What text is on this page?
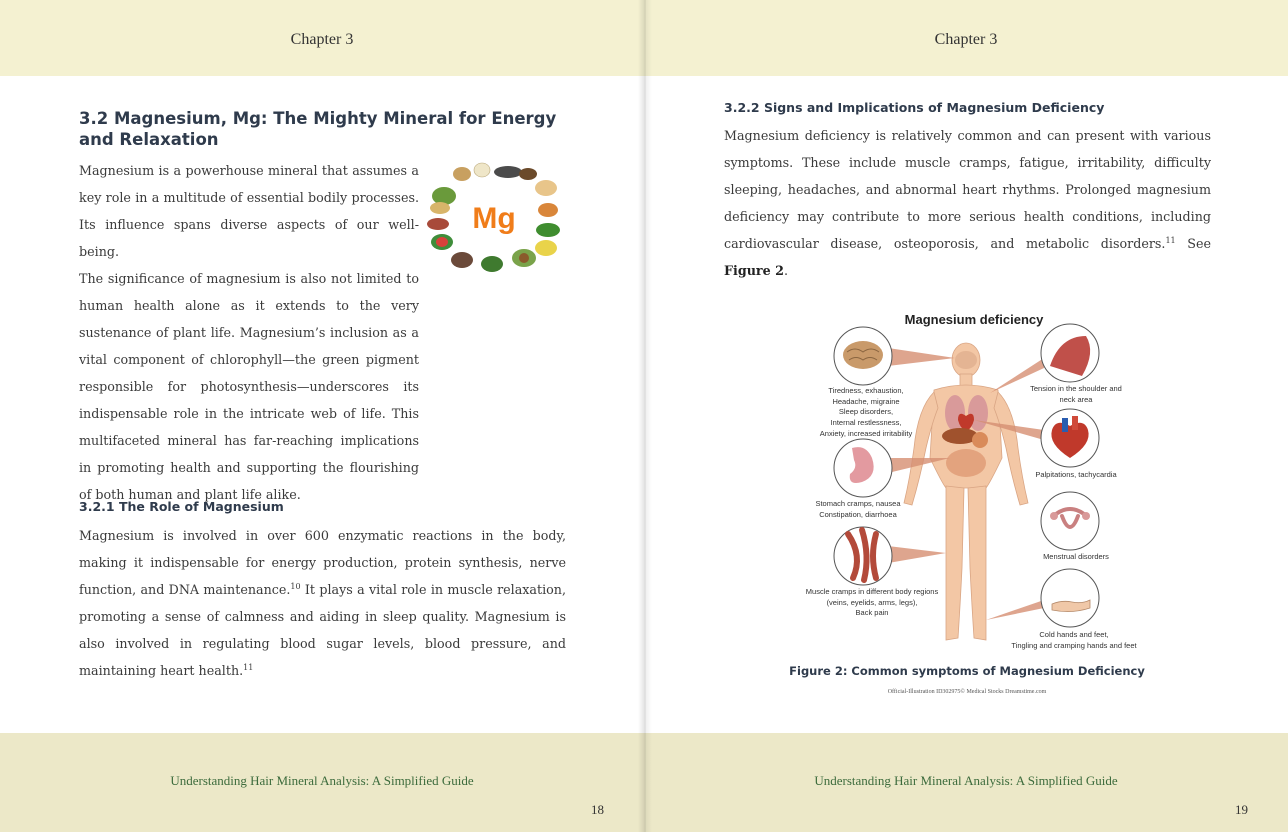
Chapter 3
3.2 Magnesium, Mg: The Mighty Mineral for Energy and Relaxation
Magnesium is a powerhouse mineral that assumes a
key role in a multitude of essential bodily processes.
Its influence spans diverse aspects of our well-being.
The significance of magnesium is also not limited to
human health alone as it extends to the very
sustenance of plant life. Magnesium’s inclusion as a
vital component of chlorophyll—the green pigment
responsible for photosynthesis—underscores its
indispensable role in the intricate web of life. This
multifaceted mineral has far-reaching implications
in promoting health and supporting the flourishing
of both human and plant life alike.
Mg
3.2.1 The Role of Magnesium
Magnesium is involved in over 600 enzymatic reactions in the body,
making it indispensable for energy production, protein synthesis, nerve
function, and DNA maintenance.$^{10}$ It plays a vital role in muscle relaxation,
promoting a sense of calmness and aiding in sleep quality. Magnesium is
also involved in regulating blood sugar levels, blood pressure, and
maintaining heart health.$^{11}$
Understanding Hair Mineral Analysis: A Simplified Guide
18
Chapter 3
Understanding Hair Mineral Analysis: A Simplified Guide
19
3.2.2 Signs and Implications of Magnesium Deficiency
Magnesium deficiency is relatively common and can present with various
symptoms. These include muscle cramps, fatigue, irritability, difficulty
sleeping, headaches, and abnormal heart rhythms. Prolonged magnesium
deficiency may contribute to more serious health conditions, including
cardiovascular disease, osteoporosis, and metabolic disorders.$^{11}$ See
Figure 2.
Magnesium deficiency
Tiredness, exhaustion,
Headache, migraine
Sleep disorders,
Internal restlessness,
Anxiety, increased irritability
Stomach cramps, nausea
Constipation, diarrhoea
Muscle cramps in different body regions
(veins, eyelids, arms, legs),
Back pain
Tension in the shoulder and
neck area
Palpitations, tachycardia
Menstrual disorders
Cold hands and feet,
Tingling and cramping hands and feet
Figure 2: Common symptoms of Magnesium Deficiency
Official-Illustration ID302975© Medical Stocks Dreamstime.com
